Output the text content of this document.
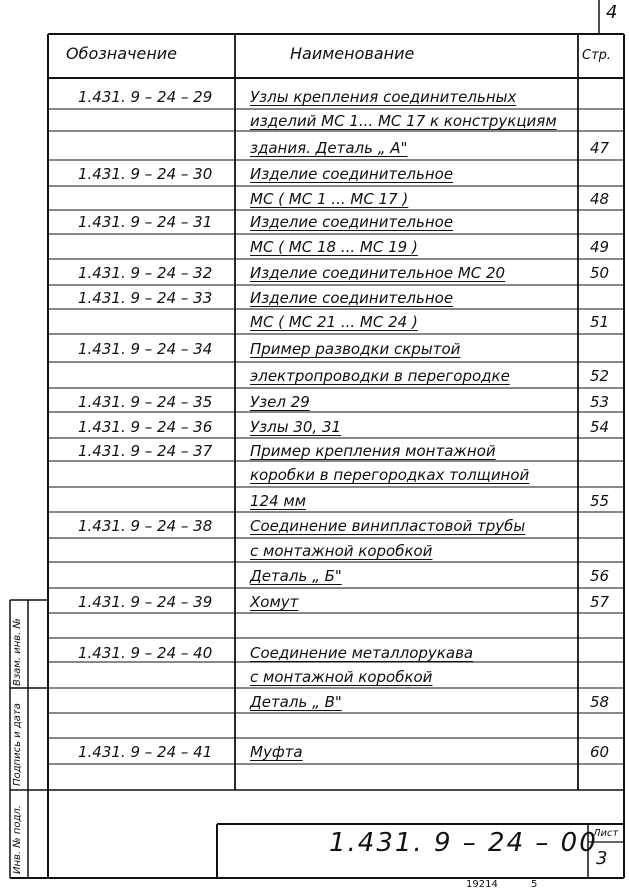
4
Обозначение	Наименование	Стр.
1.431. 9 – 24 – 29	Узлы крепления соединительных
изделий МС 1... МС 17 к конструкциям
здания. Деталь „ А"	47
1.431. 9 – 24 – 30	Изделие соединительное
МС ( МС 1 ... МС 17 )	48
1.431. 9 – 24 – 31	Изделие соединительное
МС ( МС 18 ... МС 19 )	49
1.431. 9 – 24 – 32	Изделие соединительное МС 20	50
1.431. 9 – 24 – 33	Изделие соединительное
МС ( МС 21 ... МС 24 )	51
1.431. 9 – 24 – 34	Пример разводки скрытой
электропроводки в перегородке	52
1.431. 9 – 24 – 35	Узел 29	53
1.431. 9 – 24 – 36	Узлы 30, 31	54
1.431. 9 – 24 – 37	Пример крепления монтажной
коробки в перегородках толщиной
124 мм	55
1.431. 9 – 24 – 38	Соединение винипластовой трубы
с монтажной коробкой
Деталь „ Б"	56
1.431. 9 – 24 – 39	Хомут	57
1.431. 9 – 24 – 40	Соединение металлорукава
с монтажной коробкой
Деталь „ В"	58
1.431. 9 – 24 – 41	Муфта	60
Взам. инв. №
Подпись и дата
Инв. № подл.	1.431. 9 – 24 – 00
Лист
3
19214	5
